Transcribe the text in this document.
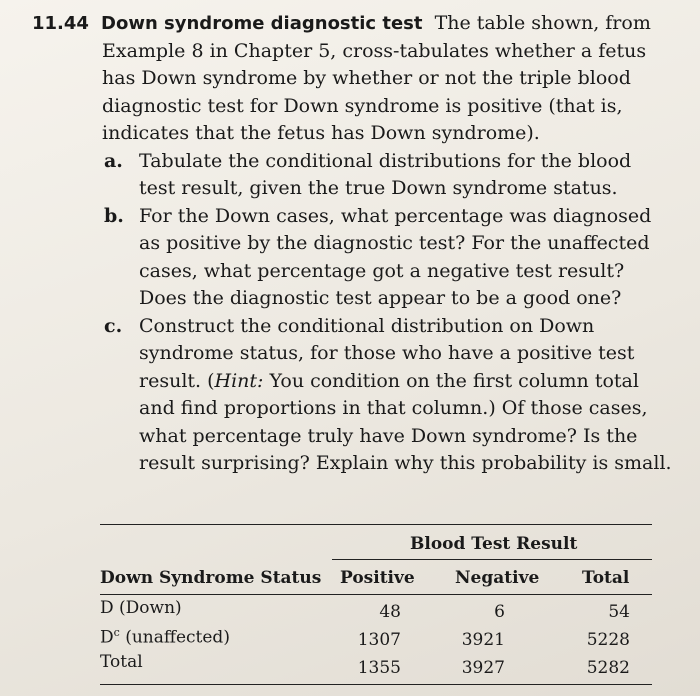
11.44 Down syndrome diagnostic test The table shown, from Example 8 in Chapter 5, cross-tabulates whether a fetus has Down syndrome by whether or not the triple blood diagnostic test for Down syndrome is positive (that is, indicates that the fetus has Down syndrome).
a. Tabulate the conditional distributions for the blood test result, given the true Down syndrome status.
b. For the Down cases, what percentage was diagnosed as positive by the diagnostic test? For the unaffected cases, what percentage got a negative test result? Does the diagnostic test appear to be a good one?
c. Construct the conditional distribution on Down syndrome status, for those who have a positive test result. (Hint: You condition on the first column total and find proportions in that column.) Of those cases, what percentage truly have Down syndrome? Is the result surprising? Explain why this probability is small.
Blood Test Result
Down Syndrome Status Positive Negative	Total
D (Down)	48	6	54
$D^c$ (unaffected)	1307	3921	5228
Total	1355	3927	5282
